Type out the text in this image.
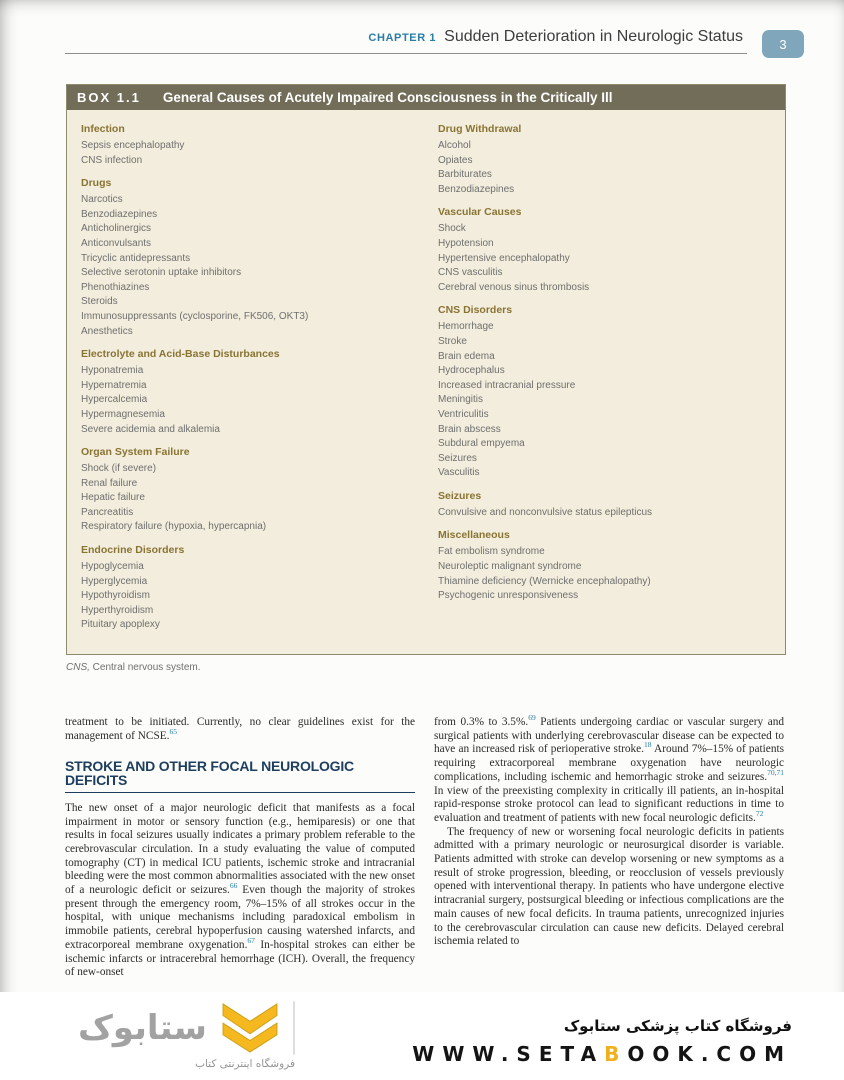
CHAPTER 1 Sudden Deterioration in Neurologic Status	3
BOX 1.1 General Causes of Acutely Impaired Consciousness in the Critically Ill
Infection
Sepsis encephalopathy
CNS infection
Drugs
Narcotics
Benzodiazepines
Anticholinergics
Anticonvulsants
Tricyclic antidepressants
Selective serotonin uptake inhibitors
Phenothiazines
Steroids
Immunosuppressants (cyclosporine, FK506, OKT3)
Anesthetics
Electrolyte and Acid-Base Disturbances
Hyponatremia
Hypernatremia
Hypercalcemia
Hypermagnesemia
Severe acidemia and alkalemia
Organ System Failure
Shock (if severe)
Renal failure
Hepatic failure
Pancreatitis
Respiratory failure (hypoxia, hypercapnia)
Endocrine Disorders
Hypoglycemia
Hyperglycemia
Hypothyroidism
Hyperthyroidism
Pituitary apoplexy
Drug Withdrawal
Alcohol
Opiates
Barbiturates
Benzodiazepines
Vascular Causes
Shock
Hypotension
Hypertensive encephalopathy
CNS vasculitis
Cerebral venous sinus thrombosis
CNS Disorders
Hemorrhage
Stroke
Brain edema
Hydrocephalus
Increased intracranial pressure
Meningitis
Ventriculitis
Brain abscess
Subdural empyema
Seizures
Vasculitis
Seizures
Convulsive and nonconvulsive status epilepticus
Miscellaneous
Fat embolism syndrome
Neuroleptic malignant syndrome
Thiamine deficiency (Wernicke encephalopathy)
Psychogenic unresponsiveness
CNS, Central nervous system.

treatment to be initiated. Currently, no clear guidelines exist for the management of NCSE.$^{65}$

STROKE AND OTHER FOCAL NEUROLOGIC DEFICITS

The new onset of a major neurologic deficit that manifests as a focal impairment in motor or sensory function (e.g., hemiparesis) or one that results in focal seizures usually indicates a primary problem referable to the cerebrovascular circulation. In a study evaluating the value of computed tomography (CT) in medical ICU patients, ischemic stroke and intracranial bleeding were the most common abnormalities associated with the new onset of a neurologic deficit or seizures.$^{66}$ Even though the majority of strokes present through the emergency room, 7%–15% of all strokes occur in the hospital, with unique mechanisms including paradoxical embolism in immobile patients, cerebral hypoperfusion causing watershed infarcts, and extracorporeal membrane oxygenation.$^{67}$ In-hospital strokes can either be ischemic infarcts or intracerebral hemorrhage (ICH). Overall, the frequency of new-onset

from 0.3% to 3.5%.$^{69}$ Patients undergoing cardiac or vascular surgery and surgical patients with underlying cerebrovascular disease can be expected to have an increased risk of perioperative stroke.$^{18}$ Around 7%–15% of patients requiring extracorporeal membrane oxygenation have neurologic complications, including ischemic and hemorrhagic stroke and seizures.$^{70,71}$ In view of the preexisting complexity in critically ill patients, an in-hospital rapid-response stroke protocol can lead to significant reductions in time to evaluation and treatment of patients with new focal neurologic deficits.$^{72}$

The frequency of new or worsening focal neurologic deficits in patients admitted with a primary neurologic or neurosurgical disorder is variable. Patients admitted with stroke can develop worsening or new symptoms as a result of stroke progression, bleeding, or reocclusion of vessels previously opened with interventional therapy. In patients who have undergone elective intracranial surgery, postsurgical bleeding or infectious complications are the main causes of new focal deficits. In trauma patients, unrecognized injuries to the cerebrovascular circulation can cause new deficits. Delayed cerebral ischemia related to

ستابوک
فروشگاه اینترنتی کتاب
فروشگاه کتاب پزشکی ستابوک
WWW.SETABOOK.COM
